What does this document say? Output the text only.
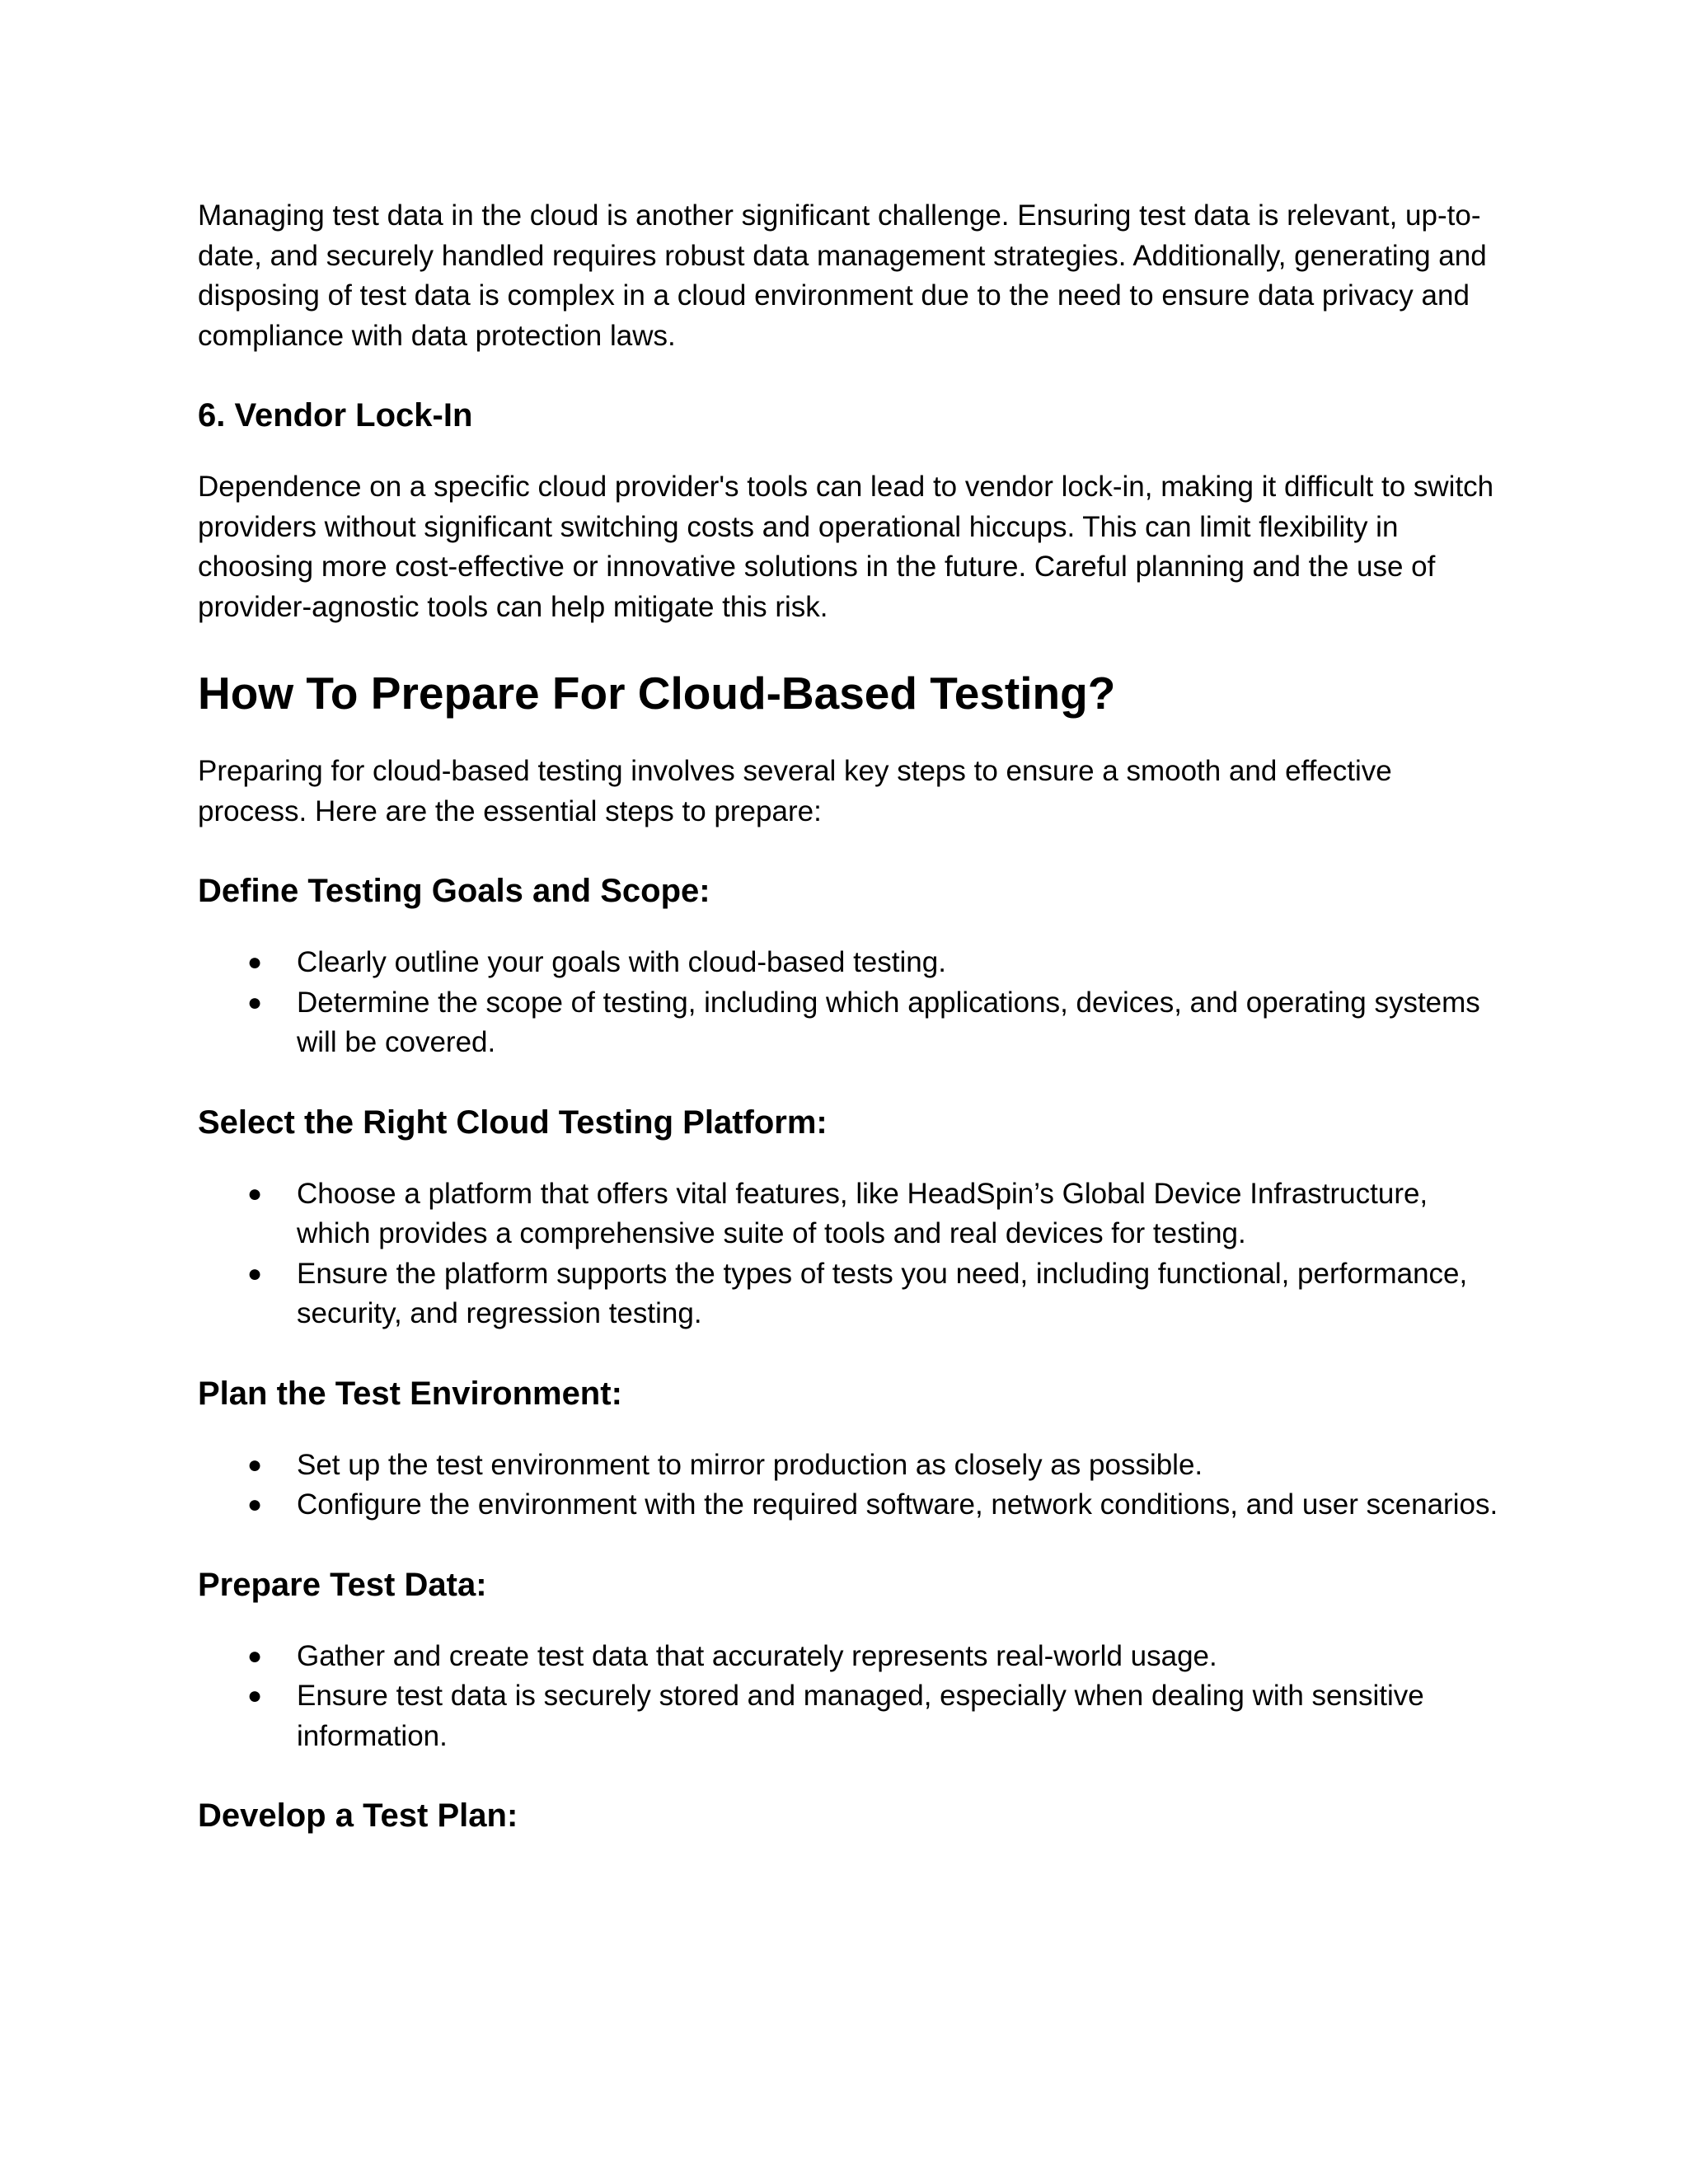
Managing test data in the cloud is another significant challenge. Ensuring test data is relevant, up-to-date, and securely handled requires robust data management strategies. Additionally, generating and disposing of test data is complex in a cloud environment due to the need to ensure data privacy and compliance with data protection laws.

6. Vendor Lock-In

Dependence on a specific cloud provider's tools can lead to vendor lock-in, making it difficult to switch providers without significant switching costs and operational hiccups. This can limit flexibility in choosing more cost-effective or innovative solutions in the future. Careful planning and the use of provider-agnostic tools can help mitigate this risk.

How To Prepare For Cloud-Based Testing?

Preparing for cloud-based testing involves several key steps to ensure a smooth and effective process. Here are the essential steps to prepare:

Define Testing Goals and Scope:
● Clearly outline your goals with cloud-based testing.
● Determine the scope of testing, including which applications, devices, and operating systems will be covered.
Select the Right Cloud Testing Platform:
● Choose a platform that offers vital features, like HeadSpin’s Global Device Infrastructure, which provides a comprehensive suite of tools and real devices for testing.
● Ensure the platform supports the types of tests you need, including functional, performance, security, and regression testing.
Plan the Test Environment:
● Set up the test environment to mirror production as closely as possible.
● Configure the environment with the required software, network conditions, and user scenarios.
Prepare Test Data:
● Gather and create test data that accurately represents real-world usage.
● Ensure test data is securely stored and managed, especially when dealing with sensitive information.
Develop a Test Plan:
